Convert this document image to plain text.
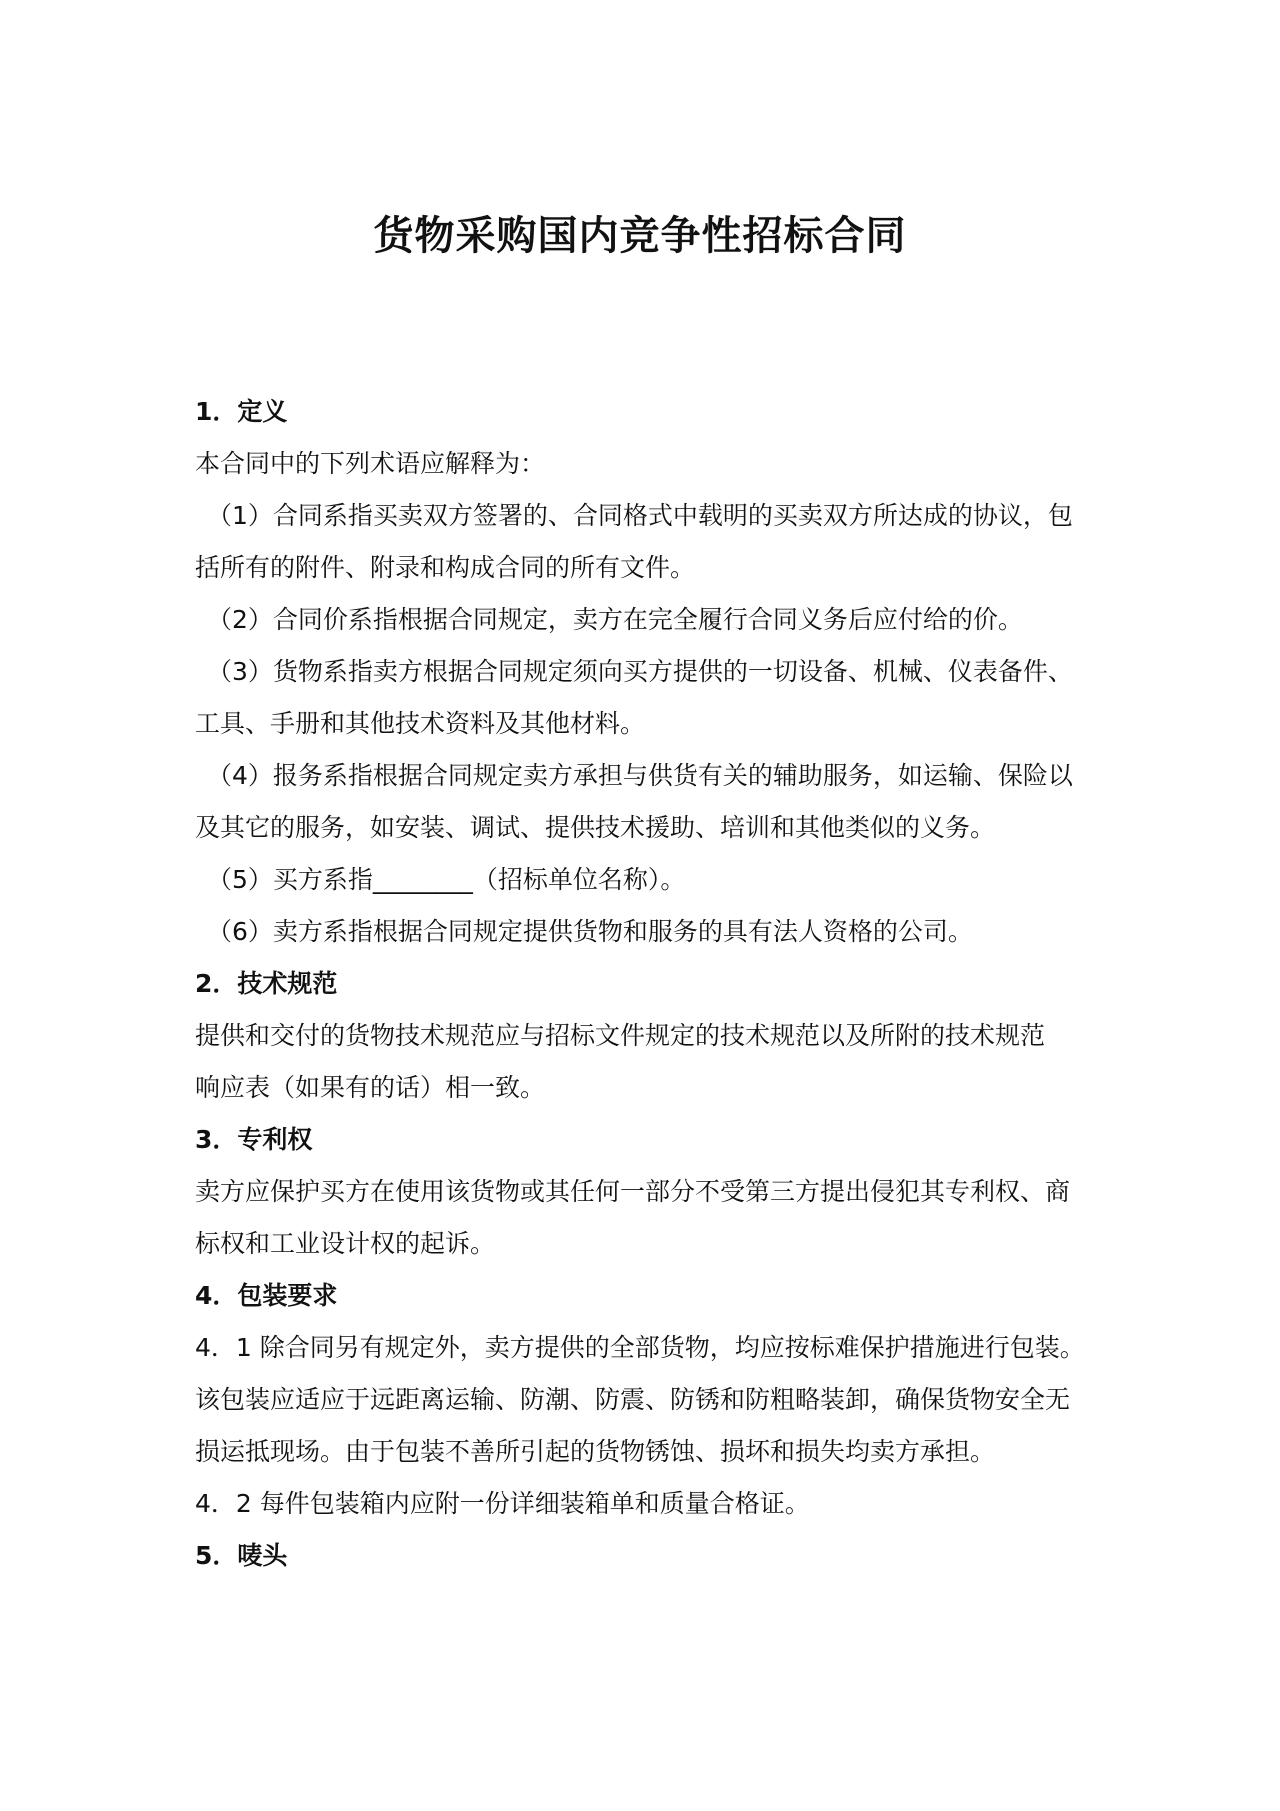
货物采购国内竞争性招标合同
1．定义
本合同中的下列术语应解释为：
（1）合同系指买卖双方签署的、合同格式中载明的买卖双方所达成的协议，包
括所有的附件、附录和构成合同的所有文件。
（2）合同价系指根据合同规定，卖方在完全履行合同义务后应付给的价。
（3）货物系指卖方根据合同规定须向买方提供的一切设备、机械、仪表备件、
工具、手册和其他技术资料及其他材料。
（4）报务系指根据合同规定卖方承担与供货有关的辅助服务，如运输、保险以
及其它的服务，如安装、调试、提供技术援助、培训和其他类似的义务。
（5）买方系指________（招标单位名称）。
（6）卖方系指根据合同规定提供货物和服务的具有法人资格的公司。
2．技术规范
提供和交付的货物技术规范应与招标文件规定的技术规范以及所附的技术规范
响应表（如果有的话）相一致。
3．专利权
卖方应保护买方在使用该货物或其任何一部分不受第三方提出侵犯其专利权、商
标权和工业设计权的起诉。
4．包装要求
4．1 除合同另有规定外，卖方提供的全部货物，均应按标难保护措施进行包装。
该包装应适应于远距离运输、防潮、防震、防锈和防粗略装卸，确保货物安全无
损运抵现场。由于包装不善所引起的货物锈蚀、损坏和损失均卖方承担。
4．2 每件包装箱内应附一份详细装箱单和质量合格证。
5．唛头
